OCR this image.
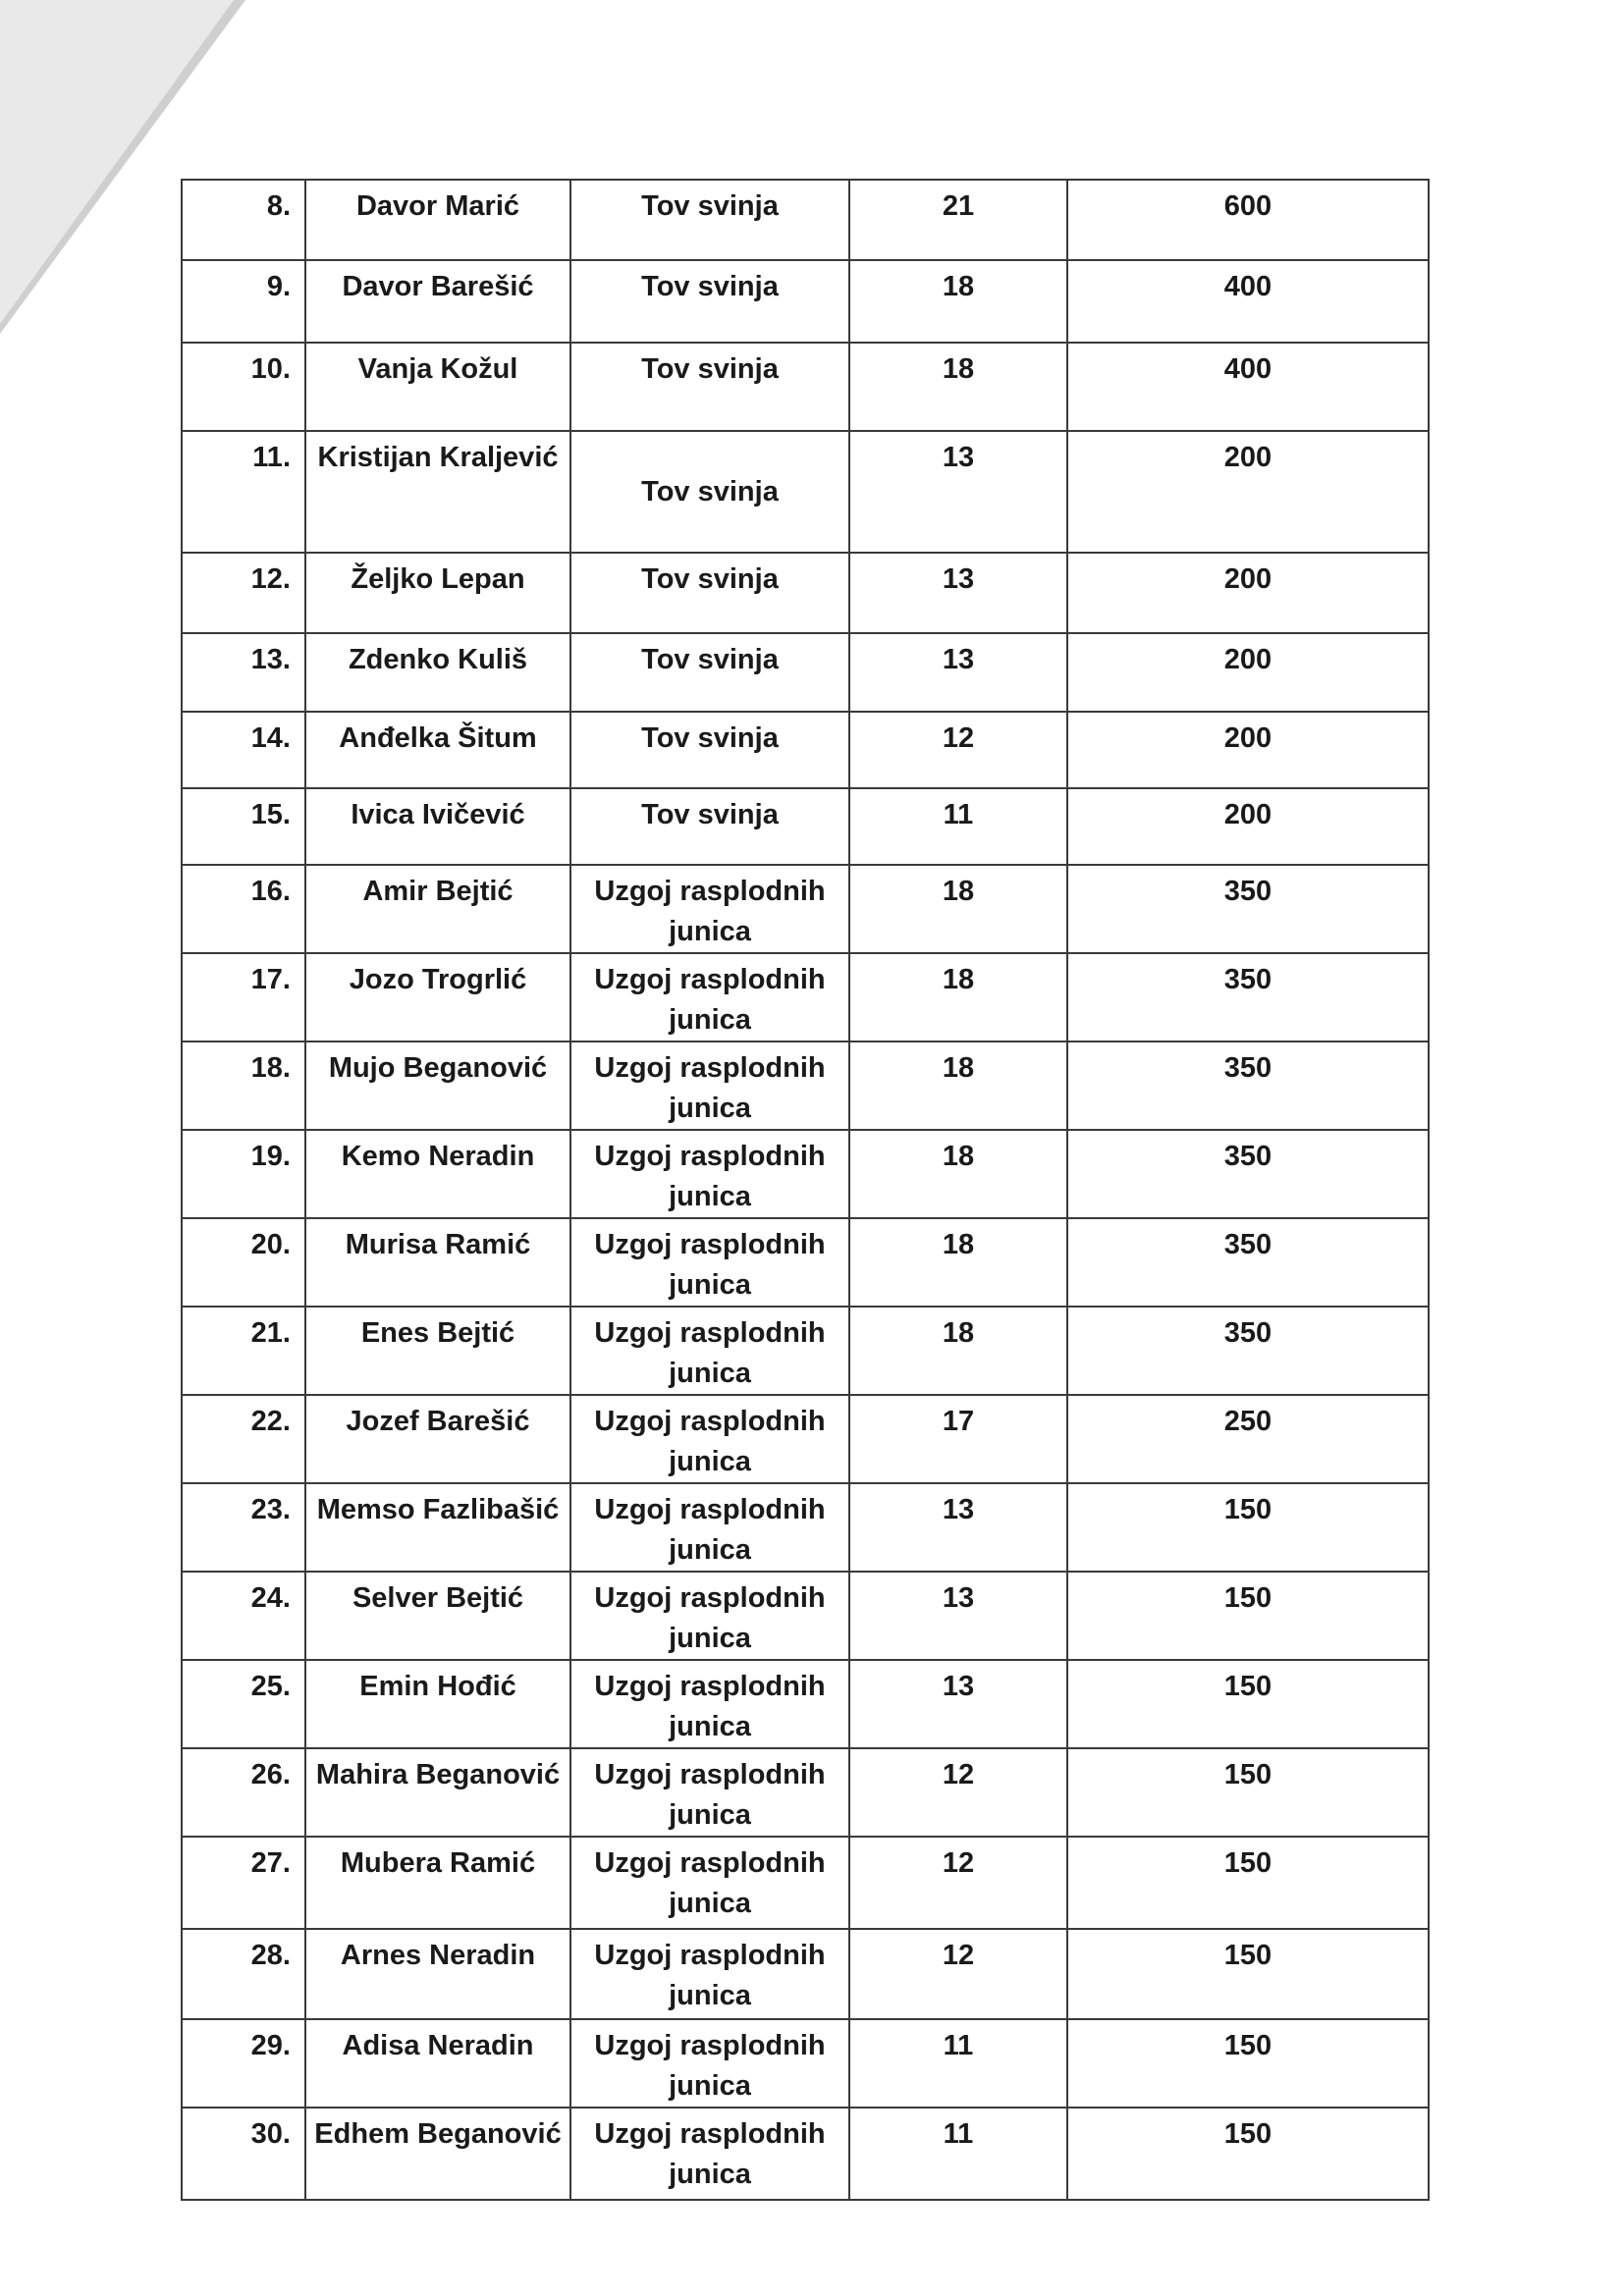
8.	Davor Marić	Tov svinja	21	600
9.	Davor Barešić	Tov svinja	18	400
10.	Vanja Kožul	Tov svinja	18	400
11.	Kristijan Kraljević	Tov svinja	13	200
12.	Željko Lepan	Tov svinja	13	200
13.	Zdenko Kuliš	Tov svinja	13	200
14.	Anđelka Šitum	Tov svinja	12	200
15.	Ivica Ivičević	Tov svinja	11	200
16.	Amir Bejtić	Uzgoj rasplodnih junica	18	350
17.	Jozo Trogrlić	Uzgoj rasplodnih junica	18	350
18.	Mujo Beganović	Uzgoj rasplodnih junica	18	350
19.	Kemo Neradin	Uzgoj rasplodnih junica	18	350
20.	Murisa Ramić	Uzgoj rasplodnih junica	18	350
21.	Enes Bejtić	Uzgoj rasplodnih junica	18	350
22.	Jozef Barešić	Uzgoj rasplodnih junica	17	250
23.	Memso Fazlibašić	Uzgoj rasplodnih junica	13	150
24.	Selver Bejtić	Uzgoj rasplodnih junica	13	150
25.	Emin Hođić	Uzgoj rasplodnih junica	13	150
26.	Mahira Beganović	Uzgoj rasplodnih junica	12	150
27.	Mubera Ramić	Uzgoj rasplodnih junica	12	150
28.	Arnes Neradin	Uzgoj rasplodnih junica	12	150
29.	Adisa Neradin	Uzgoj rasplodnih junica	11	150
30.	Edhem Beganović	Uzgoj rasplodnih junica	11	150
